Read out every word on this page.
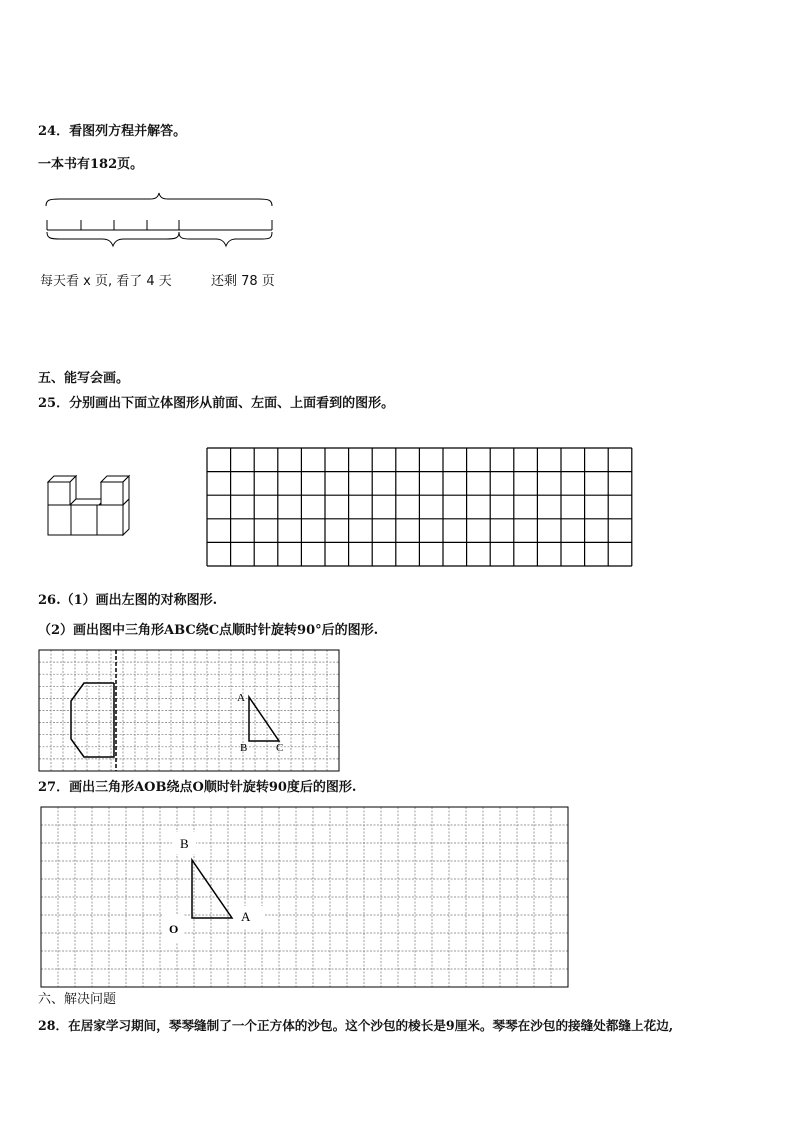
24．看图列方程并解答。
一本书有182页。
每天看 x 页, 看了 4 天	还剩 78 页
五、能写会画。
25．分别画出下面立体图形从前面、左面、上面看到的图形。
26.（1）画出左图的对称图形.
（2）画出图中三角形ABC绕C点顺时针旋转90°后的图形.
A
B	C
27．画出三角形AOB绕点O顺时针旋转90度后的图形.
B
A
O
六、解决问题
28．在居家学习期间，琴琴缝制了一个正方体的沙包。这个沙包的棱长是9厘米。琴琴在沙包的接缝处都缝上花边,
